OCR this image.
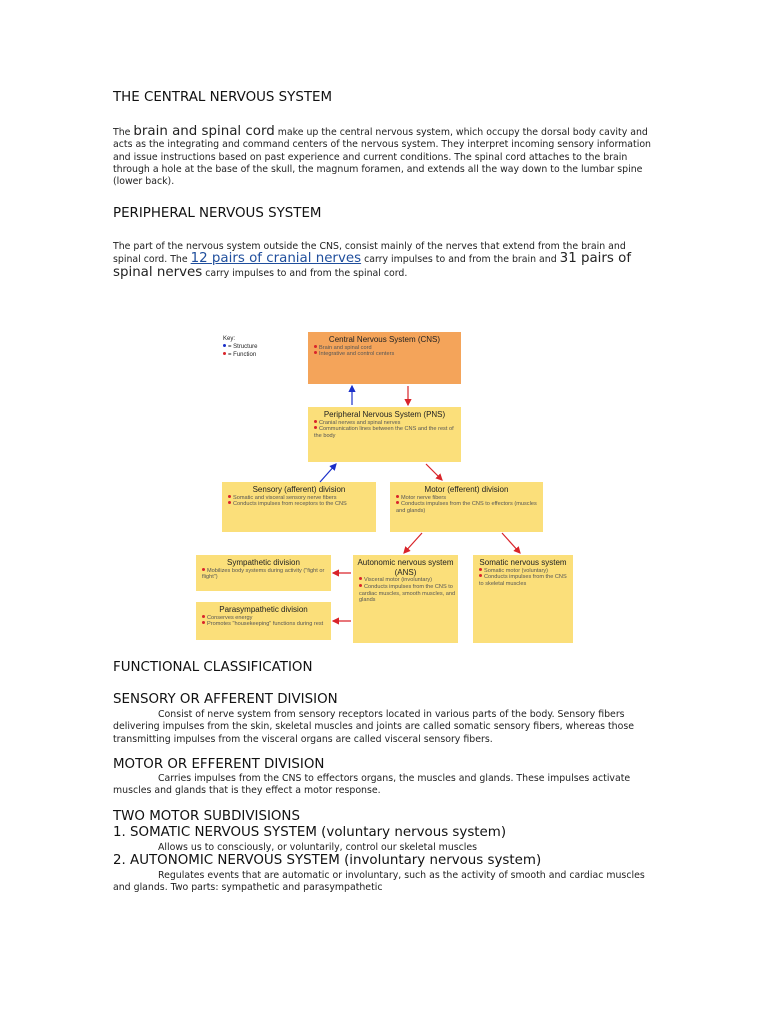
THE CENTRAL NERVOUS SYSTEM

The brain and spinal cord make up the central nervous system, which occupy the dorsal body cavity and acts as the integrating and command centers of the nervous system. They interpret incoming sensory information and issue instructions based on past experience and current conditions. The spinal cord attaches to the brain through a hole at the base of the skull, the magnum foramen, and extends all the way down to the lumbar spine (lower back).

PERIPHERAL NERVOUS SYSTEM

The part of the nervous system outside the CNS, consist mainly of the nerves that extend from the brain and spinal cord. The 12 pairs of cranial nerves carry impulses to and from the brain and 31 pairs of spinal nerves carry impulses to and from the spinal cord.

Key:
= Structure
= Function
Central Nervous System (CNS)
Brain and spinal cord
Integrative and control centers
Peripheral Nervous System (PNS)
Cranial nerves and spinal nerves
Communication lines between the CNS and the rest of the body
Sensory (afferent) division
Somatic and visceral sensory nerve fibers
Conducts impulses from receptors to the CNS
Motor (efferent) division
Motor nerve fibers
Conducts impulses from the CNS to effectors (muscles and glands)
Sympathetic division
Mobilizes body systems during activity ("fight or flight")
Parasympathetic division
Conserves energy
Promotes "housekeeping" functions during rest
Autonomic nervous system (ANS)
Visceral motor (involuntary)
Conducts impulses from the CNS to cardiac muscles, smooth muscles, and glands
Somatic nervous system
Somatic motor (voluntary)
Conducts impulses from the CNS to skeletal muscles
FUNCTIONAL CLASSIFICATION
SENSORY OR AFFERENT DIVISION

Consist of nerve system from sensory receptors located in various parts of the body. Sensory fibers delivering impulses from the skin, skeletal muscles and joints are called somatic sensory fibers, whereas those transmitting impulses from the visceral organs are called visceral sensory fibers.

MOTOR OR EFFERENT DIVISION

Carries impulses from the CNS to effectors organs, the muscles and glands. These impulses activate muscles and glands that is they effect a motor response.

TWO MOTOR SUBDIVISIONS
1. SOMATIC NERVOUS SYSTEM (voluntary nervous system)

Allows us to consciously, or voluntarily, control our skeletal muscles

2. AUTONOMIC NERVOUS SYSTEM (involuntary nervous system)

Regulates events that are automatic or involuntary, such as the activity of smooth and cardiac muscles and glands. Two parts: sympathetic and parasympathetic
